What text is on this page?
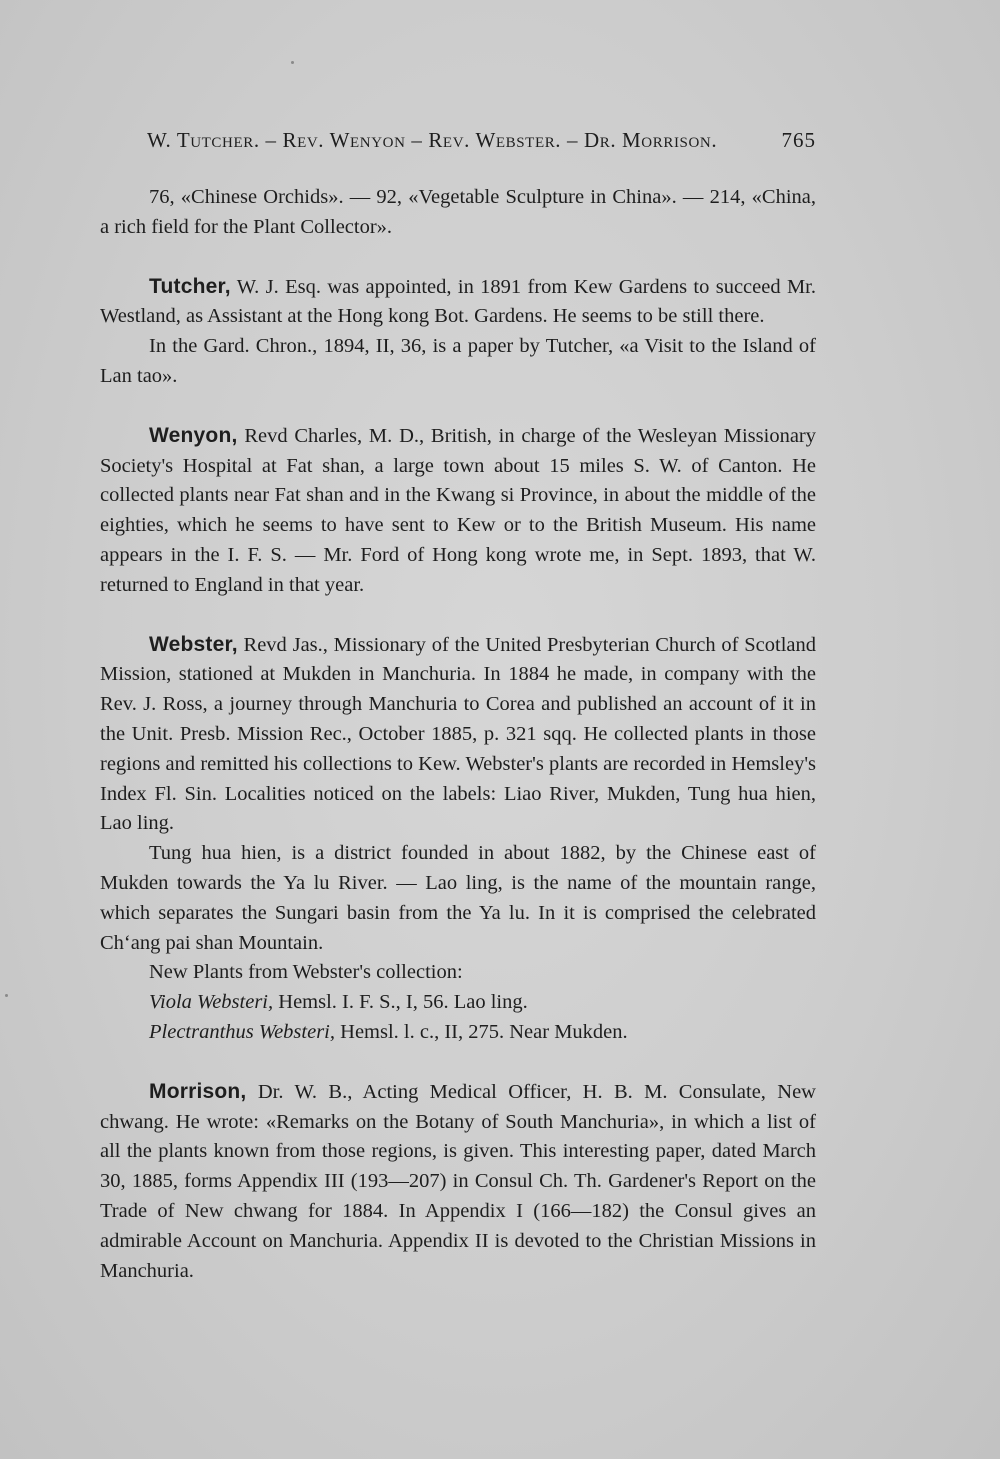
W. Tutcher. – Rev. Wenyon – Rev. Webster. – Dr. Morrison.	765

76, «Chinese Orchids». — 92, «Vegetable Sculpture in China». — 214, «China, a rich field for the Plant Collector».

Tutcher, W. J. Esq. was appointed, in 1891 from Kew Gardens to succeed Mr. Westland, as Assistant at the Hong kong Bot. Gardens. He seems to be still there.

In the Gard. Chron., 1894, II, 36, is a paper by Tutcher, «a Visit to the Island of Lan tao».

Wenyon, Revd Charles, M. D., British, in charge of the Wesleyan Missionary Society's Hospital at Fat shan, a large town about 15 miles S. W. of Canton. He collected plants near Fat shan and in the Kwang si Province, in about the middle of the eighties, which he seems to have sent to Kew or to the British Museum. His name appears in the I. F. S. — Mr. Ford of Hong kong wrote me, in Sept. 1893, that W. returned to England in that year.

Webster, Revd Jas., Missionary of the United Presbyterian Church of Scotland Mission, stationed at Mukden in Manchuria. In 1884 he made, in company with the Rev. J. Ross, a journey through Manchuria to Corea and published an account of it in the Unit. Presb. Mission Rec., October 1885, p. 321 sqq. He collected plants in those regions and remitted his collections to Kew. Webster's plants are recorded in Hemsley's Index Fl. Sin. Localities noticed on the labels: Liao River, Mukden, Tung hua hien, Lao ling.

Tung hua hien, is a district founded in about 1882, by the Chinese east of Mukden towards the Ya lu River. — Lao ling, is the name of the mountain range, which separates the Sungari basin from the Ya lu. In it is comprised the celebrated Ch‘ang pai shan Mountain.

New Plants from Webster's collection:

Viola Websteri, Hemsl. I. F. S., I, 56. Lao ling.

Plectranthus Websteri, Hemsl. l. c., II, 275. Near Mukden.

Morrison, Dr. W. B., Acting Medical Officer, H. B. M. Consulate, New chwang. He wrote: «Remarks on the Botany of South Manchuria», in which a list of all the plants known from those regions, is given. This interesting paper, dated March 30, 1885, forms Appendix III (193—207) in Consul Ch. Th. Gardener's Report on the Trade of New chwang for 1884. In Appendix I (166—182) the Consul gives an admirable Account on Manchuria. Appendix II is devoted to the Christian Missions in Manchuria.
